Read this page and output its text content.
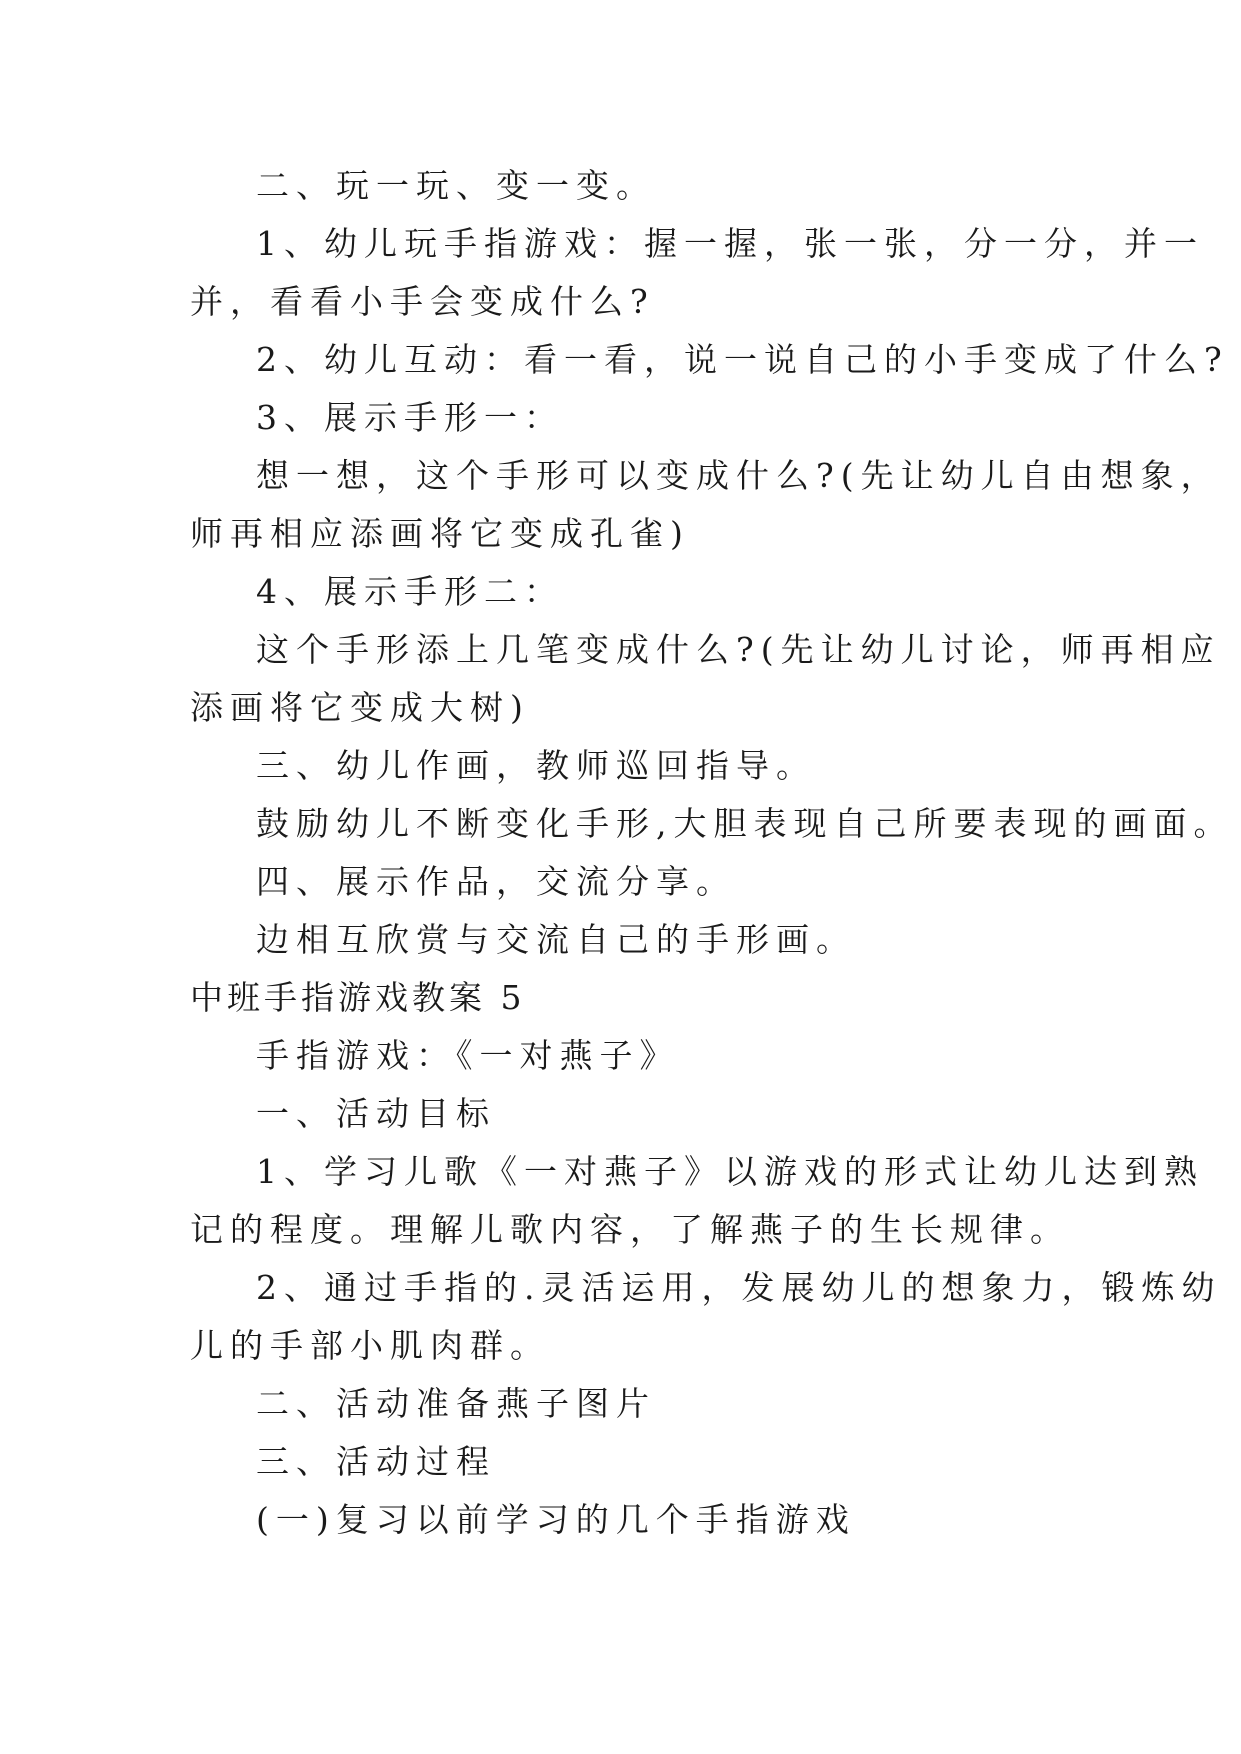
二、玩一玩、变一变。

1、幼儿玩手指游戏：握一握，张一张，分一分，并一

并，看看小手会变成什么?

2、幼儿互动：看一看，说一说自己的小手变成了什么?

3、展示手形一：

想一想，这个手形可以变成什么?(先让幼儿自由想象，

师再相应添画将它变成孔雀)

4、展示手形二：

这个手形添上几笔变成什么?(先让幼儿讨论，师再相应

添画将它变成大树)

三、幼儿作画，教师巡回指导。

鼓励幼儿不断变化手形,大胆表现自己所要表现的画面。

四、展示作品，交流分享。

边相互欣赏与交流自己的手形画。

中班手指游戏教案 5

手指游戏：《一对燕子》

一、活动目标

1、学习儿歌《一对燕子》以游戏的形式让幼儿达到熟

记的程度。理解儿歌内容，了解燕子的生长规律。

2、通过手指的.灵活运用，发展幼儿的想象力，锻炼幼

儿的手部小肌肉群。

二、活动准备燕子图片

三、活动过程

(一)复习以前学习的几个手指游戏
